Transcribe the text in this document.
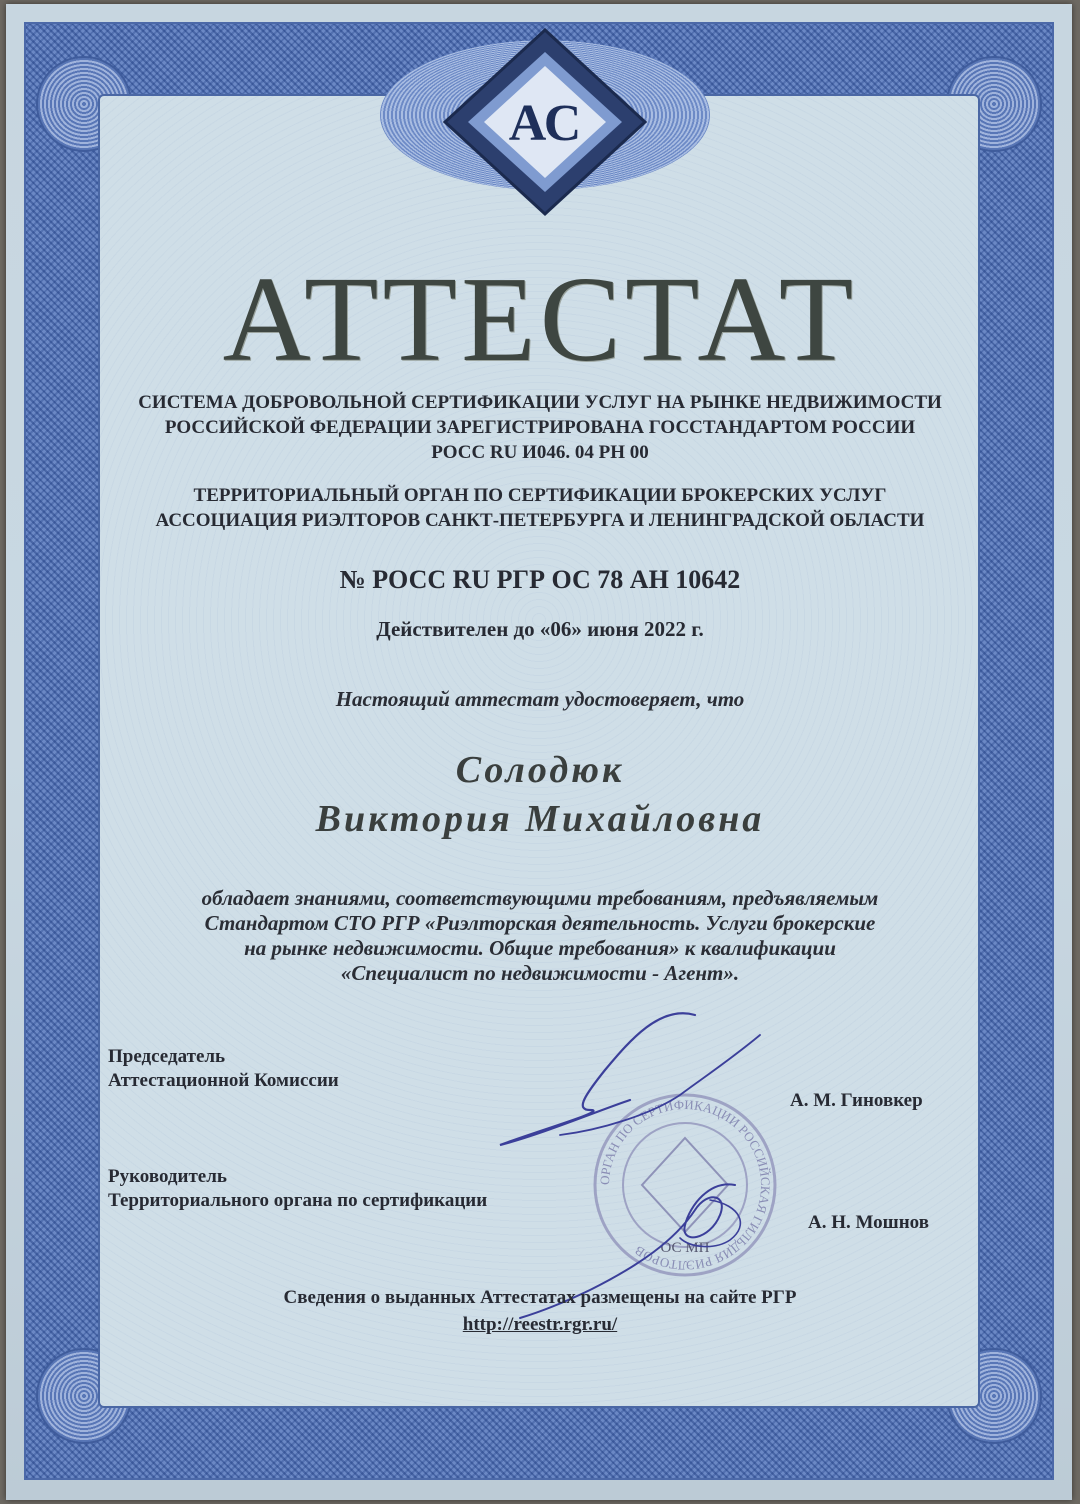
АС
АТТЕСТАТ
СИСТЕМА ДОБРОВОЛЬНОЙ СЕРТИФИКАЦИИ УСЛУГ НА РЫНКЕ НЕДВИЖИМОСТИ
РОССИЙСКОЙ ФЕДЕРАЦИИ ЗАРЕГИСТРИРОВАНА ГОССТАНДАРТОМ РОССИИ
РОСС RU И046. 04 РН 00
ТЕРРИТОРИАЛЬНЫЙ ОРГАН ПО СЕРТИФИКАЦИИ БРОКЕРСКИХ УСЛУГ
АССОЦИАЦИЯ РИЭЛТОРОВ САНКТ-ПЕТЕРБУРГА И ЛЕНИНГРАДСКОЙ ОБЛАСТИ
№ РОСС RU РГР ОС 78 АН 10642
Действителен до «06» июня 2022 г.
Настоящий аттестат удостоверяет, что
Солодюк
Виктория Михайловна
обладает знаниями, соответствующими требованиям, предъявляемым
Стандартом СТО РГР «Риэлторская деятельность. Услуги брокерские
на рынке недвижимости. Общие требования» к квалификации
«Специалист по недвижимости - Агент».
Председатель
Аттестационной Комиссии
А. М. Гиновкер
Руководитель
Территориального органа по сертификации
А. Н. Мошнов
ОРГАН ПО СЕРТИФИКАЦИИ РОССИЙСКАЯ ГИЛЬДИЯ РИЭЛТОРОВ ОС МП
Сведения о выданных Аттестатах размещены на сайте РГР
http://reestr.rgr.ru/
